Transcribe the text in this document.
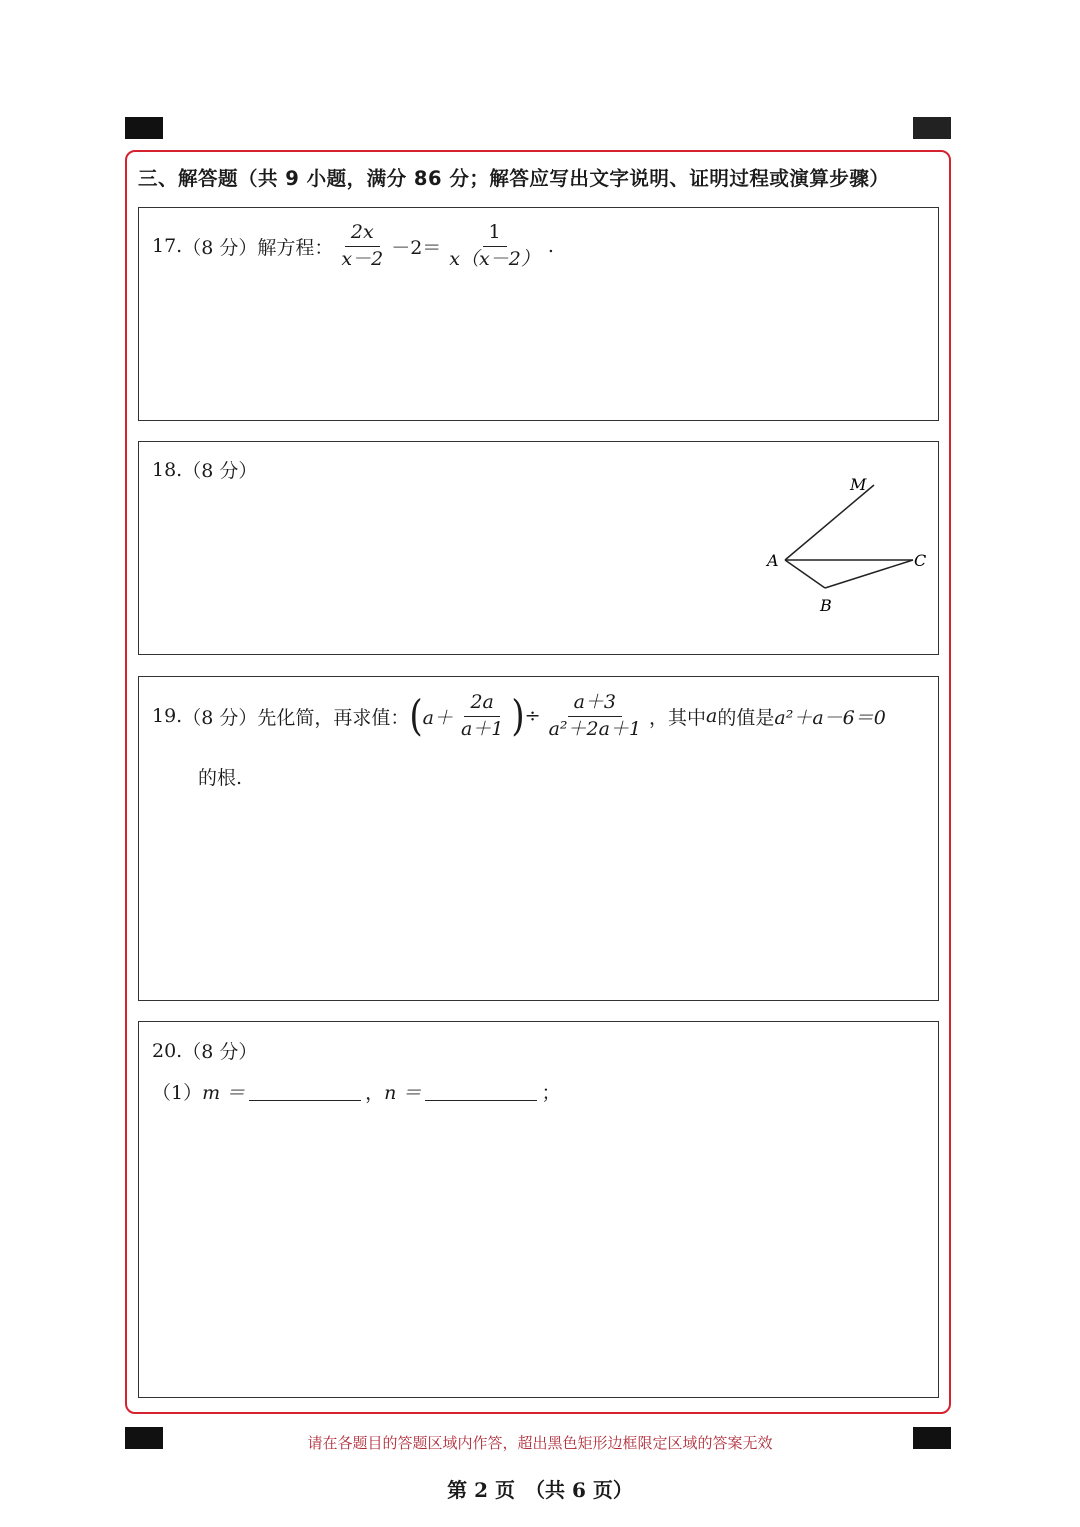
三、解答题（共 9 小题，满分 86 分；解答应写出文字说明、证明过程或演算步骤）
17. （8 分） 解方程： $\frac{2x}{x-2} -2= \frac{1}{x(x-2)}$ .
18. （8 分）
M
A	C
B
19. （8 分） 先化简，再求值： ( $a+ \frac{2a}{a+1}$ ) ÷ $\frac{a+3}{\text{a²＋2a＋1}}$ ，其中 a 的值是 a²＋a－6＝0
的根.
20. （8 分）
（1） m ＝	， n ＝	；
请在各题目的答题区域内作答，超出黑色矩形边框限定区域的答案无效
第 2 页　（共 6 页）
